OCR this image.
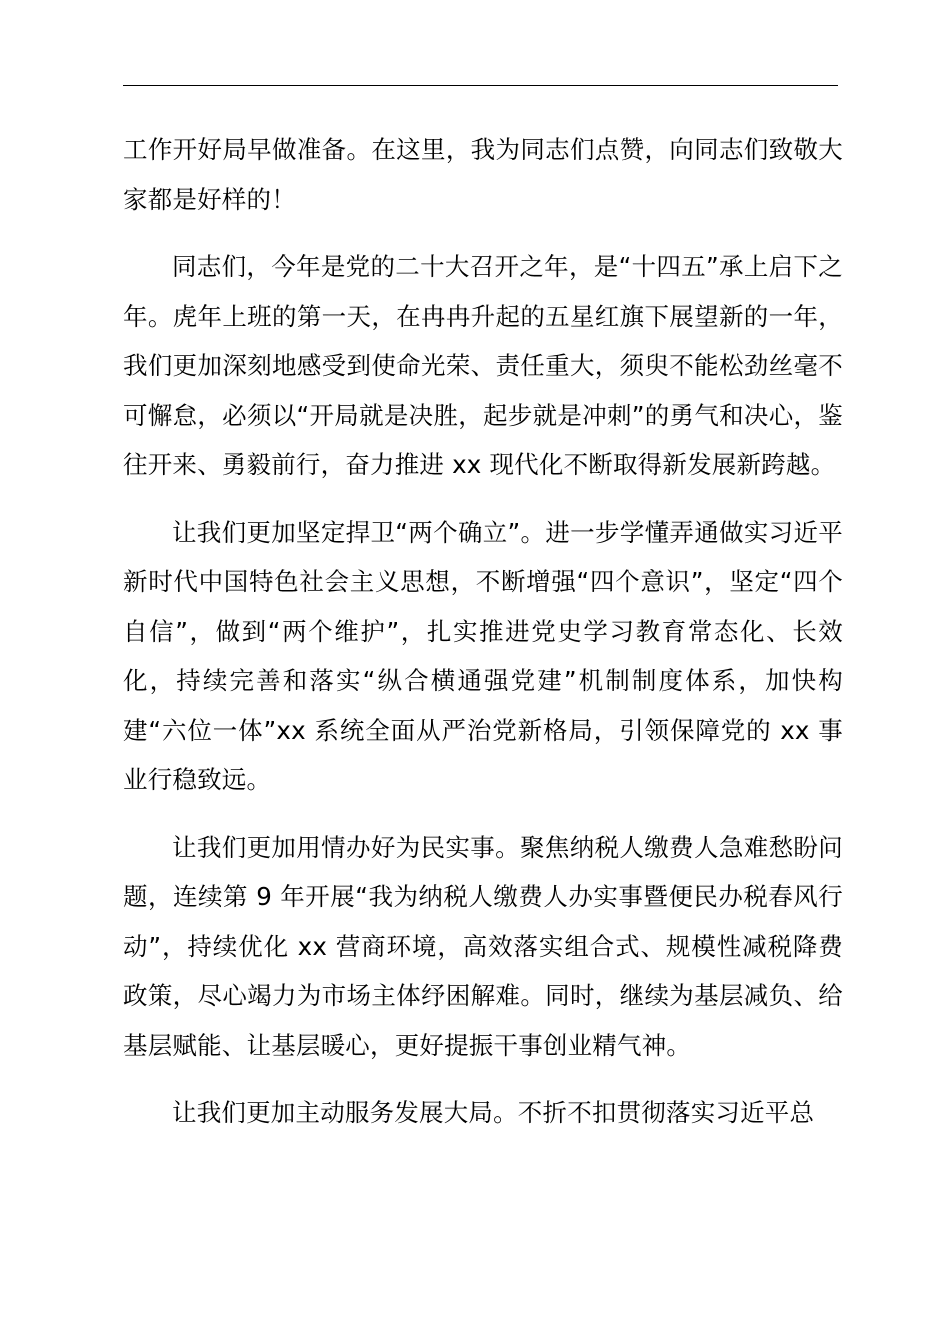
工作开好局早做准备。在这里，我为同志们点赞，向同志们致敬大家都是好样的！

同志们，今年是党的二十大召开之年，是“十四五”承上启下之年。虎年上班的第一天，在冉冉升起的五星红旗下展望新的一年，我们更加深刻地感受到使命光荣、责任重大，须臾不能松劲丝毫不可懈怠，必须以“开局就是决胜，起步就是冲刺”的勇气和决心，鉴往开来、勇毅前行，奋力推进 xx 现代化不断取得新发展新跨越。

让我们更加坚定捍卫“两个确立”。进一步学懂弄通做实习近平新时代中国特色社会主义思想，不断增强“四个意识”，坚定“四个自信”，做到“两个维护”，扎实推进党史学习教育常态化、长效化，持续完善和落实“纵合横通强党建”机制制度体系，加快构建“六位一体”xx 系统全面从严治党新格局，引领保障党的 xx 事业行稳致远。

让我们更加用情办好为民实事。聚焦纳税人缴费人急难愁盼问题，连续第 9 年开展“我为纳税人缴费人办实事暨便民办税春风行动”，持续优化 xx 营商环境，高效落实组合式、规模性减税降费政策，尽心竭力为市场主体纾困解难。同时，继续为基层减负、给基层赋能、让基层暖心，更好提振干事创业精气神。

让我们更加主动服务发展大局。不折不扣贯彻落实习近平总
